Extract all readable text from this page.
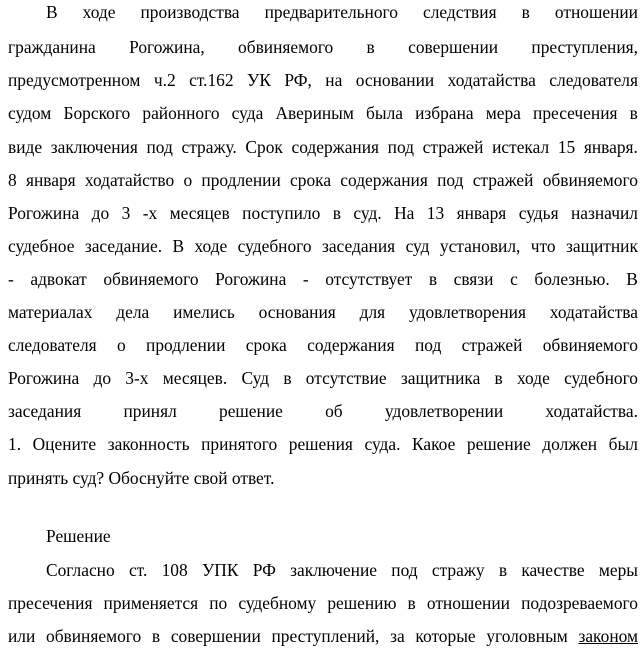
В ходе производства предварительного следствия в отношении
гражданина Рогожина, обвиняемого в совершении преступления,
предусмотренном ч.2 ст.162 УК РФ, на основании ходатайства следователя
судом Борского районного суда Авериным была избрана мера пресечения в
виде заключения под стражу. Срок содержания под стражей истекал 15 января.
8 января ходатайство о продлении срока содержания под стражей обвиняемого
Рогожина до 3 -х месяцев поступило в суд. На 13 января судья назначил
судебное заседание. В ходе судебного заседания суд установил, что защитник
- адвокат обвиняемого Рогожина - отсутствует в связи с болезнью. В
материалах дела имелись основания для удовлетворения ходатайства
следователя о продлении срока содержания под стражей обвиняемого
Рогожина до 3-х месяцев. Суд в отсутствие защитника в ходе судебного
заседания принял решение об удовлетворении ходатайства.
1. Оцените законность принятого решения суда. Какое решение должен был
принять суд? Обоснуйте свой ответ.
Решение
Согласно ст. 108 УПК РФ заключение под стражу в качестве меры
пресечения применяется по судебному решению в отношении подозреваемого
или обвиняемого в совершении преступлений, за которые уголовным законом
